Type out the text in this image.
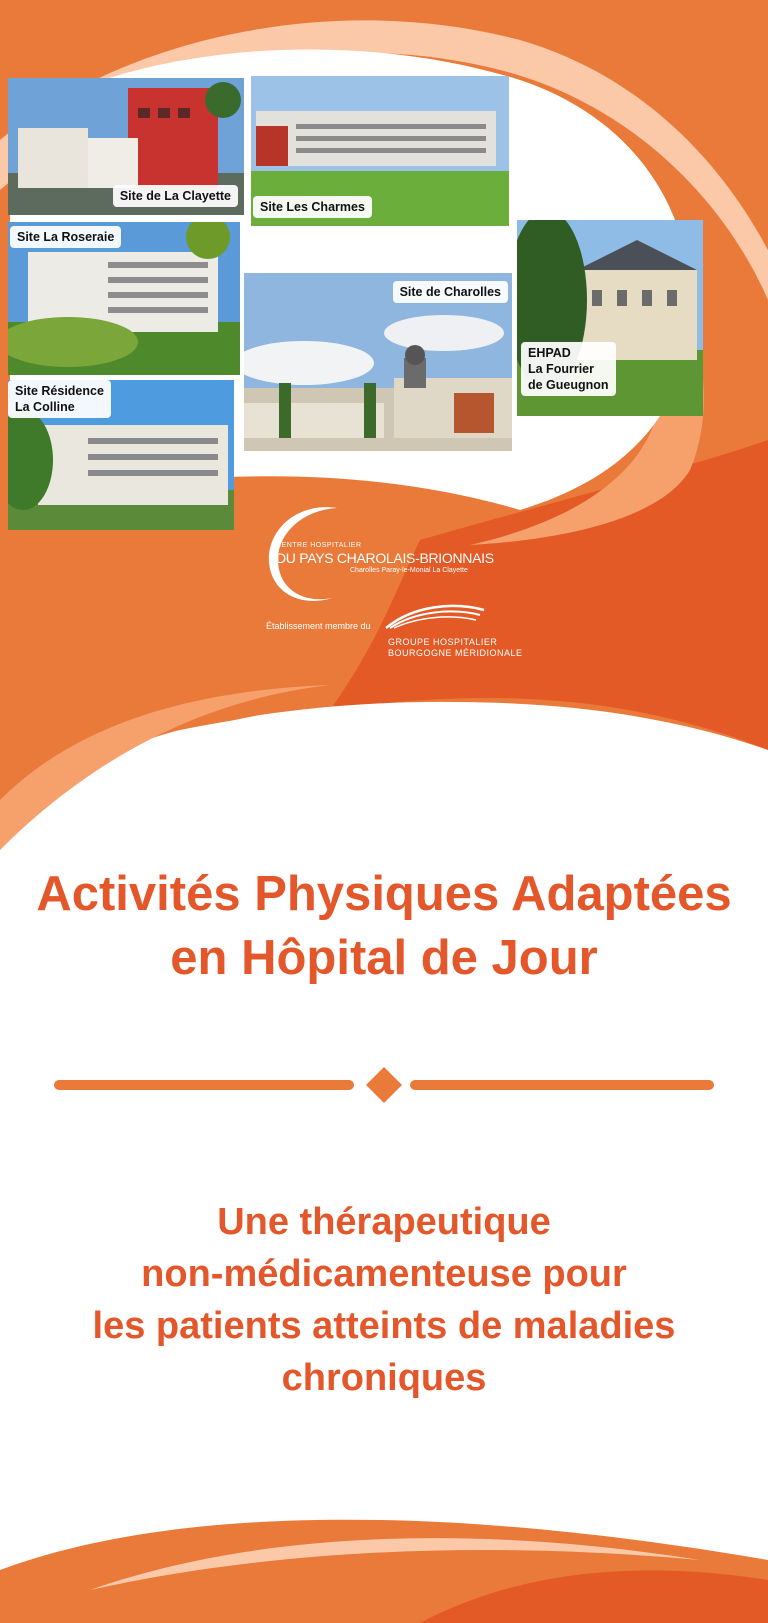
Site de La Clayette
Site Les Charmes
Site La Roseraie
Site de Charolles
EHPAD
La Fourrier
de Gueugnon
Site Résidence
La Colline
CENTRE HOSPITALIER
DU PAYS CHAROLAIS-BRIONNAIS
Charolles Paray-le-Monial La Clayette
Établissement membre du
GROUPE HOSPITALIER
BOURGOGNE MÉRIDIONALE
Activités Physiques Adaptées
en Hôpital de Jour
Une thérapeutique
non-médicamenteuse pour
les patients atteints de maladies
chroniques
